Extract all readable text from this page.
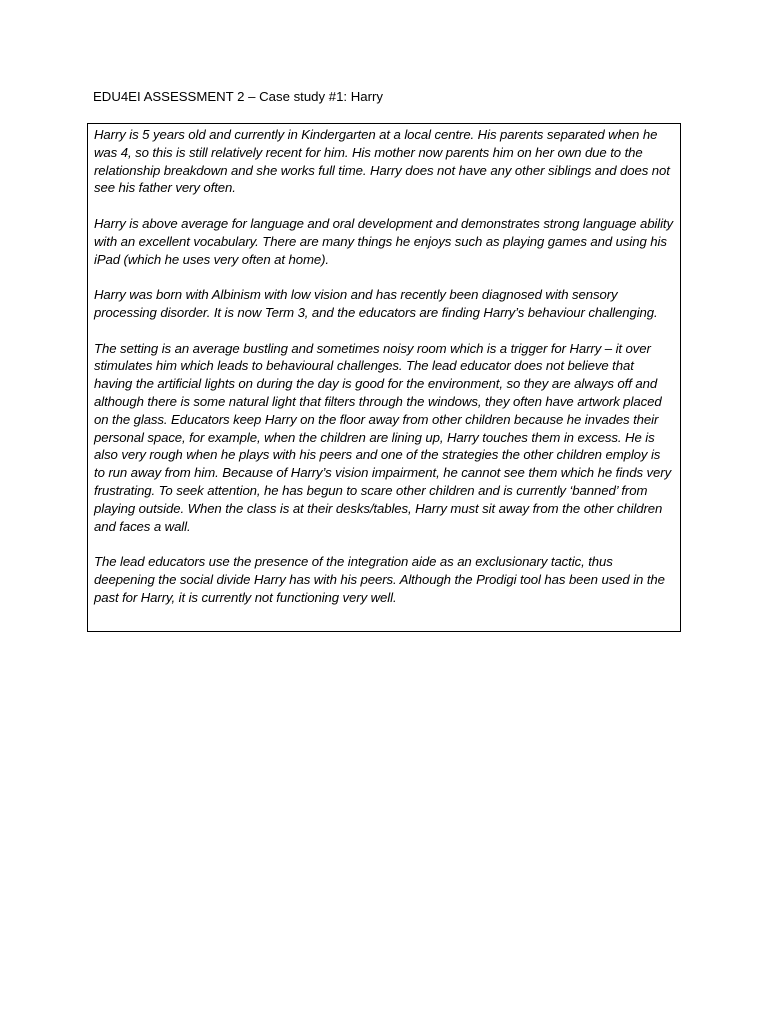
EDU4EI ASSESSMENT 2 – Case study #1: Harry

Harry is 5 years old and currently in Kindergarten at a local centre. His parents separated when he was 4, so this is still relatively recent for him. His mother now parents him on her own due to the relationship breakdown and she works full time. Harry does not have any other siblings and does not see his father very often.

Harry is above average for language and oral development and demonstrates strong language ability with an excellent vocabulary. There are many things he enjoys such as playing games and using his iPad (which he uses very often at home).

Harry was born with Albinism with low vision and has recently been diagnosed with sensory processing disorder. It is now Term 3, and the educators are finding Harry’s behaviour challenging.

The setting is an average bustling and sometimes noisy room which is a trigger for Harry – it over stimulates him which leads to behavioural challenges. The lead educator does not believe that having the artificial lights on during the day is good for the environment, so they are always off and although there is some natural light that filters through the windows, they often have artwork placed on the glass. Educators keep Harry on the floor away from other children because he invades their personal space, for example, when the children are lining up, Harry touches them in excess. He is also very rough when he plays with his peers and one of the strategies the other children employ is to run away from him. Because of Harry’s vision impairment, he cannot see them which he finds very frustrating. To seek attention, he has begun to scare other children and is currently ‘banned’ from playing outside. When the class is at their desks/tables, Harry must sit away from the other children and faces a wall.

The lead educators use the presence of the integration aide as an exclusionary tactic, thus deepening the social divide Harry has with his peers. Although the Prodigi tool has been used in the past for Harry, it is currently not functioning very well.
